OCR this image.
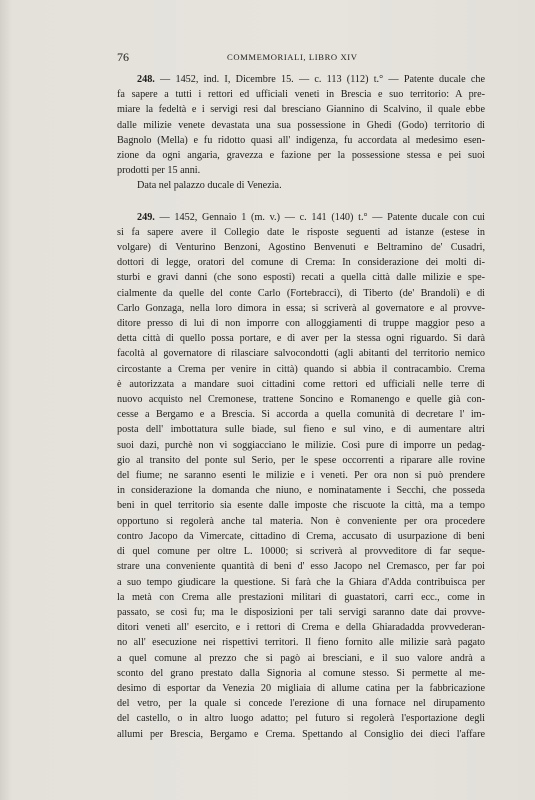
76	COMMEMORIALI, LIBRO XIV

248. — 1452, ind. I, Dicembre 15. — c. 113 (112) t.° — Patente ducale che

fa sapere a tutti i rettori ed ufficiali veneti in Brescia e suo territorio: A pre-

miare la fedeltà e i servigi resi dal bresciano Giannino di Scalvino, il quale ebbe

dalle milizie venete devastata una sua possessione in Ghedi (Godo) territorio di

Bagnolo (Mella) e fu ridotto quasi all' indigenza, fu accordata al medesimo esen-

zione da ogni angaria, gravezza e fazione per la possessione stessa e pei suoi

prodotti per 15 anni.

Data nel palazzo ducale di Venezia.

249. — 1452, Gennaio 1 (m. v.) — c. 141 (140) t.° — Patente ducale con cui

si fa sapere avere il Collegio date le risposte seguenti ad istanze (estese in

volgare) di Venturino Benzoni, Agostino Benvenuti e Beltramino de' Cusadri,

dottori di legge, oratori del comune di Crema: In considerazione dei molti di-

sturbi e gravi danni (che sono esposti) recati a quella città dalle milizie e spe-

cialmente da quelle del conte Carlo (Fortebracci), di Tiberto (de' Brandoli) e di

Carlo Gonzaga, nella loro dimora in essa; si scriverà al governatore e al provve-

ditore presso di lui di non imporre con alloggiamenti di truppe maggior peso a

detta città di quello possa portare, e di aver per la stessa ogni riguardo. Si darà

facoltà al governatore di rilasciare salvocondotti (agli abitanti del territorio nemico

circostante a Crema per venire in città) quando si abbia il contracambio. Crema

è autorizzata a mandare suoi cittadini come rettori ed ufficiali nelle terre di

nuovo acquisto nel Cremonese, trattene Soncino e Romanengo e quelle già con-

cesse a Bergamo e a Brescia. Si accorda a quella comunità di decretare l' im-

posta dell' imbottatura sulle biade, sul fieno e sul vino, e di aumentare altri

suoi dazi, purchè non vi soggiacciano le milizie. Così pure di imporre un pedag-

gio al transito del ponte sul Serio, per le spese occorrenti a riparare alle rovine

del fiume; ne saranno esenti le milizie e i veneti. Per ora non si può prendere

in considerazione la domanda che niuno, e nominatamente i Secchi, che posseda

beni in quel territorio sia esente dalle imposte che riscuote la città, ma a tempo

opportuno si regolerà anche tal materia. Non è conveniente per ora procedere

contro Jacopo da Vimercate, cittadino di Crema, accusato di usurpazione di beni

di quel comune per oltre L. 10000; si scriverà al provveditore di far seque-

strare una conveniente quantità di beni d' esso Jacopo nel Cremasco, per far poi

a suo tempo giudicare la questione. Si farà che la Ghiara d'Adda contribuisca per

la metà con Crema alle prestazioni militari di guastatori, carri ecc., come in

passato, se così fu; ma le disposizioni per tali servigi saranno date dai provve-

ditori veneti all' esercito, e i rettori di Crema e della Ghiaradadda provvederan-

no all' esecuzione nei rispettivi territori. Il fieno fornito alle milizie sarà pagato

a quel comune al prezzo che si pagò ai bresciani, e il suo valore andrà a

sconto del grano prestato dalla Signoria al comune stesso. Si permette al me-

desimo di esportar da Venezia 20 migliaia di allume catina per la fabbricazione

del vetro, per la quale si concede l'erezione di una fornace nel dirupamento

del castello, o in altro luogo adatto; pel futuro si regolerà l'esportazione degli

allumi per Brescia, Bergamo e Crema. Spettando al Consiglio dei dieci l'affare
